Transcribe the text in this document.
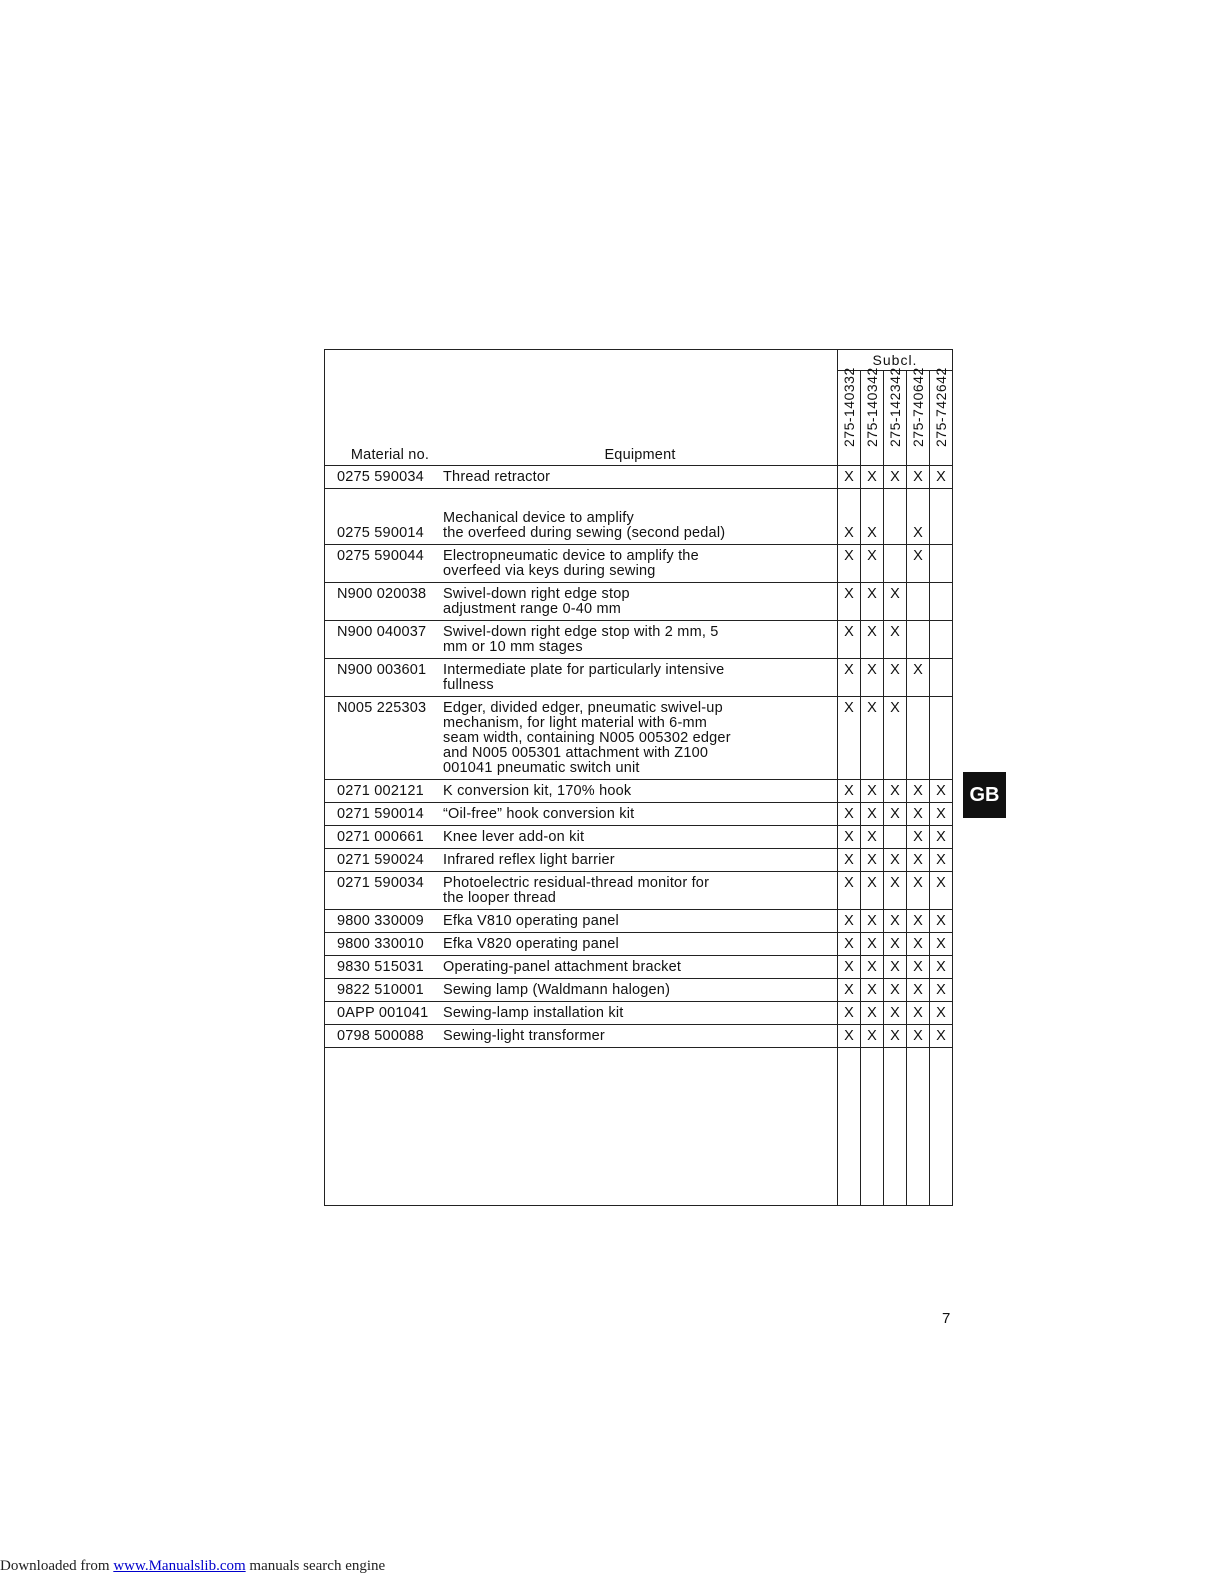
Material no.	Equipment	Subcl.				

		275-140332	275-140342	275-142342	275-740642	275-742642

0275 590034	Thread retractor	X	X	X	X	X
0275 590014	Mechanical device to amplify
the overfeed during sewing (second pedal)	X	X		X	
0275 590044	Electropneumatic device to amplify the
overfeed via keys during sewing	X	X		X	
N900 020038	Swivel-down right edge stop
adjustment range 0-40 mm	X	X	X		
N900 040037	Swivel-down right edge stop with 2 mm, 5
mm or 10 mm stages	X	X	X		
N900 003601	Intermediate plate for particularly intensive
fullness	X	X	X	X	
N005 225303	Edger, divided edger, pneumatic swivel-up
mechanism, for light material with 6-mm
seam width, containing N005 005302 edger
and N005 005301 attachment with Z100
001041 pneumatic switch unit	X	X	X		
0271 002121	K conversion kit, 170% hook	X	X	X	X	X
0271 590014	“Oil-free” hook conversion kit	X	X	X	X	X
0271 000661	Knee lever add-on kit	X	X		X	X
0271 590024	Infrared reflex light barrier	X	X	X	X	X
0271 590034	Photoelectric residual-thread monitor for
the looper thread	X	X	X	X	X
9800 330009	Efka V810 operating panel	X	X	X	X	X
9800 330010	Efka V820 operating panel	X	X	X	X	X
9830 515031	Operating-panel attachment bracket	X	X	X	X	X
9822 510001	Sewing lamp (Waldmann halogen)	X	X	X	X	X
0APP 001041	Sewing-lamp installation kit	X	X	X	X	X
0798 500088	Sewing-light transformer	X	X	X	X	X

GB
7
Downloaded from www.Manualslib.com manuals search engine
